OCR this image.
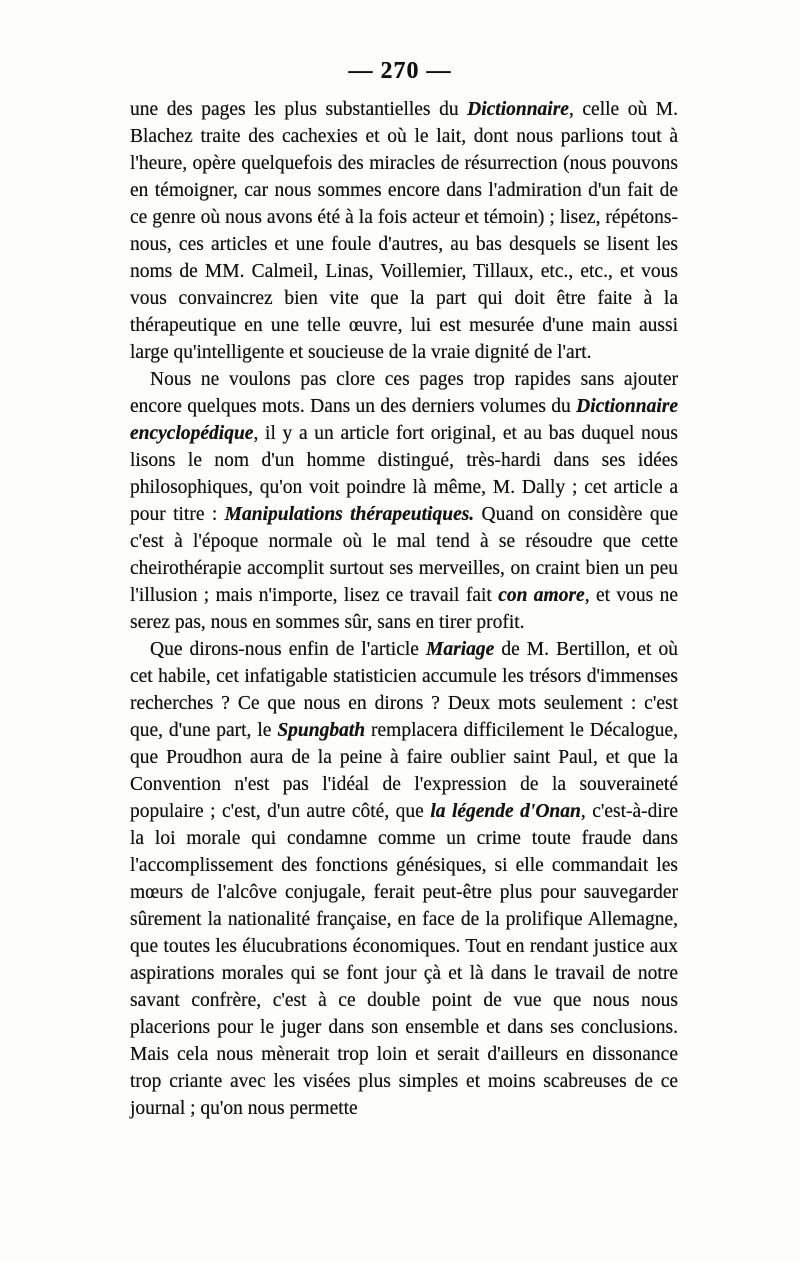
— 270 —

une des pages les plus substantielles du Dictionnaire, celle où M. Blachez traite des cachexies et où le lait, dont nous parlions tout à l'heure, opère quelquefois des miracles de résurrection (nous pouvons en témoigner, car nous sommes encore dans l'admiration d'un fait de ce genre où nous avons été à la fois acteur et témoin) ; lisez, répétons-nous, ces articles et une foule d'autres, au bas desquels se lisent les noms de MM. Calmeil, Linas, Voillemier, Tillaux, etc., etc., et vous vous convaincrez bien vite que la part qui doit être faite à la thérapeutique en une telle œuvre, lui est mesurée d'une main aussi large qu'intelligente et soucieuse de la vraie dignité de l'art.

Nous ne voulons pas clore ces pages trop rapides sans ajouter encore quelques mots. Dans un des derniers volumes du Dictionnaire encyclopédique, il y a un article fort original, et au bas duquel nous lisons le nom d'un homme distingué, très-hardi dans ses idées philosophiques, qu'on voit poindre là même, M. Dally ; cet article a pour titre : Manipulations thérapeutiques. Quand on considère que c'est à l'époque normale où le mal tend à se résoudre que cette cheirothérapie accomplit surtout ses merveilles, on craint bien un peu l'illusion ; mais n'importe, lisez ce travail fait con amore, et vous ne serez pas, nous en sommes sûr, sans en tirer profit.

Que dirons-nous enfin de l'article Mariage de M. Bertillon, et où cet habile, cet infatigable statisticien accumule les trésors d'immenses recherches ? Ce que nous en dirons ? Deux mots seulement : c'est que, d'une part, le Spungbath remplacera difficilement le Décalogue, que Proudhon aura de la peine à faire oublier saint Paul, et que la Convention n'est pas l'idéal de l'expression de la souveraineté populaire ; c'est, d'un autre côté, que la légende d'Onan, c'est-à-dire la loi morale qui condamne comme un crime toute fraude dans l'accomplissement des fonctions génésiques, si elle commandait les mœurs de l'alcôve conjugale, ferait peut-être plus pour sauvegarder sûrement la nationalité française, en face de la prolifique Allemagne, que toutes les élucubrations économiques. Tout en rendant justice aux aspirations morales qui se font jour çà et là dans le travail de notre savant confrère, c'est à ce double point de vue que nous nous placerions pour le juger dans son ensemble et dans ses conclusions. Mais cela nous mènerait trop loin et serait d'ailleurs en dissonance trop criante avec les visées plus simples et moins scabreuses de ce journal ; qu'on nous permette
